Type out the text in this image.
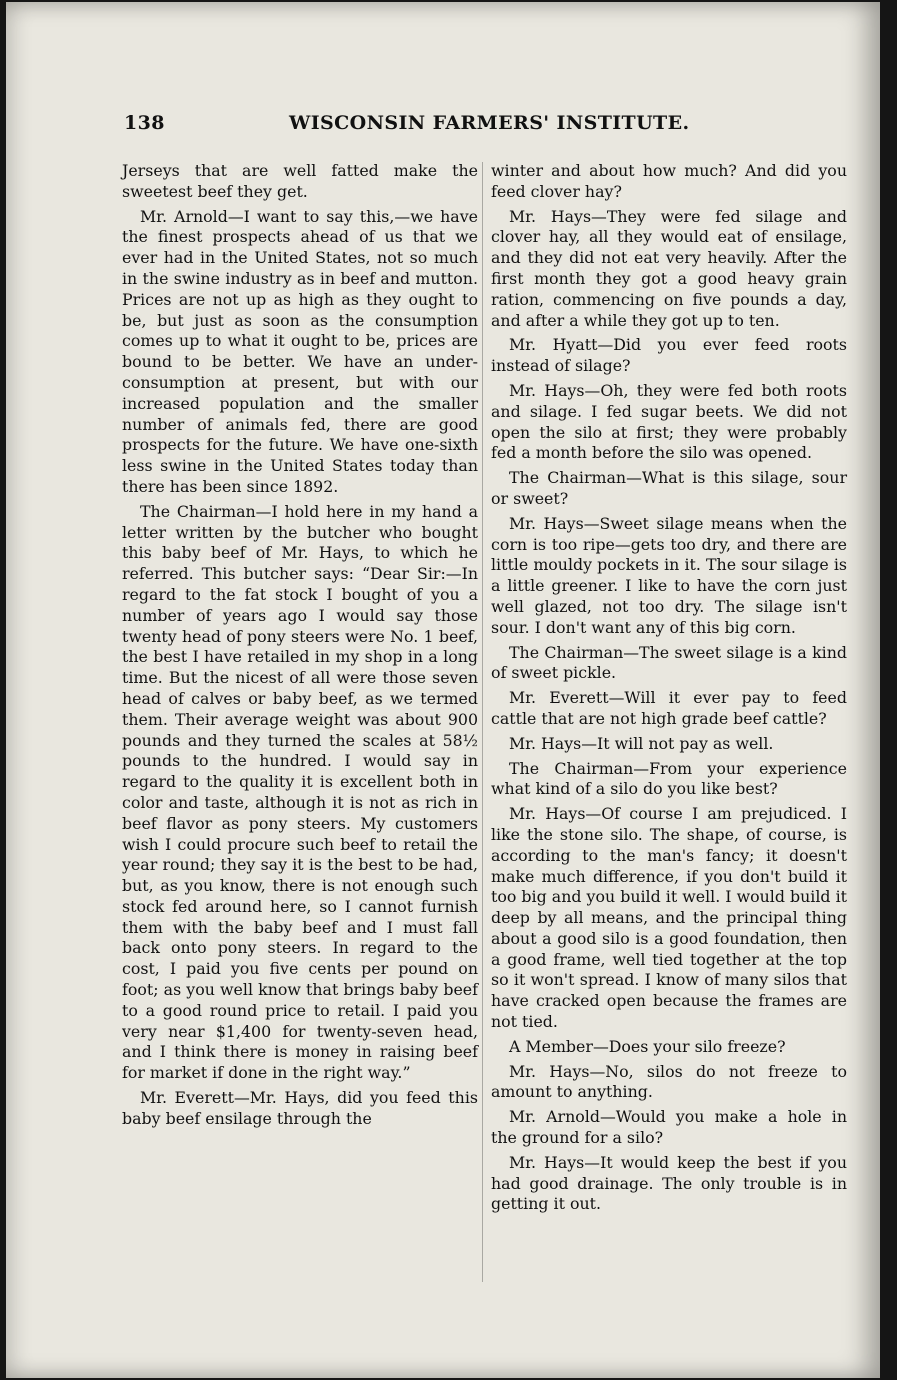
138	WISCONSIN FARMERS' INSTITUTE.

Jerseys that are well fatted make the sweetest beef they get.

Mr. Arnold—I want to say this,—we have the finest prospects ahead of us that we ever had in the United States, not so much in the swine industry as in beef and mutton. Prices are not up as high as they ought to be, but just as soon as the consumption comes up to what it ought to be, prices are bound to be better. We have an under-consumption at present, but with our increased population and the smaller number of animals fed, there are good prospects for the future. We have one-sixth less swine in the United States today than there has been since 1892.

The Chairman—I hold here in my hand a letter written by the butcher who bought this baby beef of Mr. Hays, to which he referred. This butcher says: “Dear Sir:—In regard to the fat stock I bought of you a number of years ago I would say those twenty head of pony steers were No. 1 beef, the best I have retailed in my shop in a long time. But the nicest of all were those seven head of calves or baby beef, as we termed them. Their average weight was about 900 pounds and they turned the scales at 58½ pounds to the hundred. I would say in regard to the quality it is excellent both in color and taste, although it is not as rich in beef flavor as pony steers. My customers wish I could procure such beef to retail the year round; they say it is the best to be had, but, as you know, there is not enough such stock fed around here, so I cannot furnish them with the baby beef and I must fall back onto pony steers. In regard to the cost, I paid you five cents per pound on foot; as you well know that brings baby beef to a good round price to retail. I paid you very near $1,400 for twenty-seven head, and I think there is money in raising beef for market if done in the right way.”

Mr. Everett—Mr. Hays, did you feed this baby beef ensilage through the

winter and about how much? And did you feed clover hay?

Mr. Hays—They were fed silage and clover hay, all they would eat of ensilage, and they did not eat very heavily. After the first month they got a good heavy grain ration, commencing on five pounds a day, and after a while they got up to ten.

Mr. Hyatt—Did you ever feed roots instead of silage?

Mr. Hays—Oh, they were fed both roots and silage. I fed sugar beets. We did not open the silo at first; they were probably fed a month before the silo was opened.

The Chairman—What is this silage, sour or sweet?

Mr. Hays—Sweet silage means when the corn is too ripe—gets too dry, and there are little mouldy pockets in it. The sour silage is a little greener. I like to have the corn just well glazed, not too dry. The silage isn't sour. I don't want any of this big corn.

The Chairman—The sweet silage is a kind of sweet pickle.

Mr. Everett—Will it ever pay to feed cattle that are not high grade beef cattle?

Mr. Hays—It will not pay as well.

The Chairman—From your experience what kind of a silo do you like best?

Mr. Hays—Of course I am prejudiced. I like the stone silo. The shape, of course, is according to the man's fancy; it doesn't make much difference, if you don't build it too big and you build it well. I would build it deep by all means, and the principal thing about a good silo is a good foundation, then a good frame, well tied together at the top so it won't spread. I know of many silos that have cracked open because the frames are not tied.

A Member—Does your silo freeze?

Mr. Hays—No, silos do not freeze to amount to anything.

Mr. Arnold—Would you make a hole in the ground for a silo?

Mr. Hays—It would keep the best if you had good drainage. The only trouble is in getting it out.
